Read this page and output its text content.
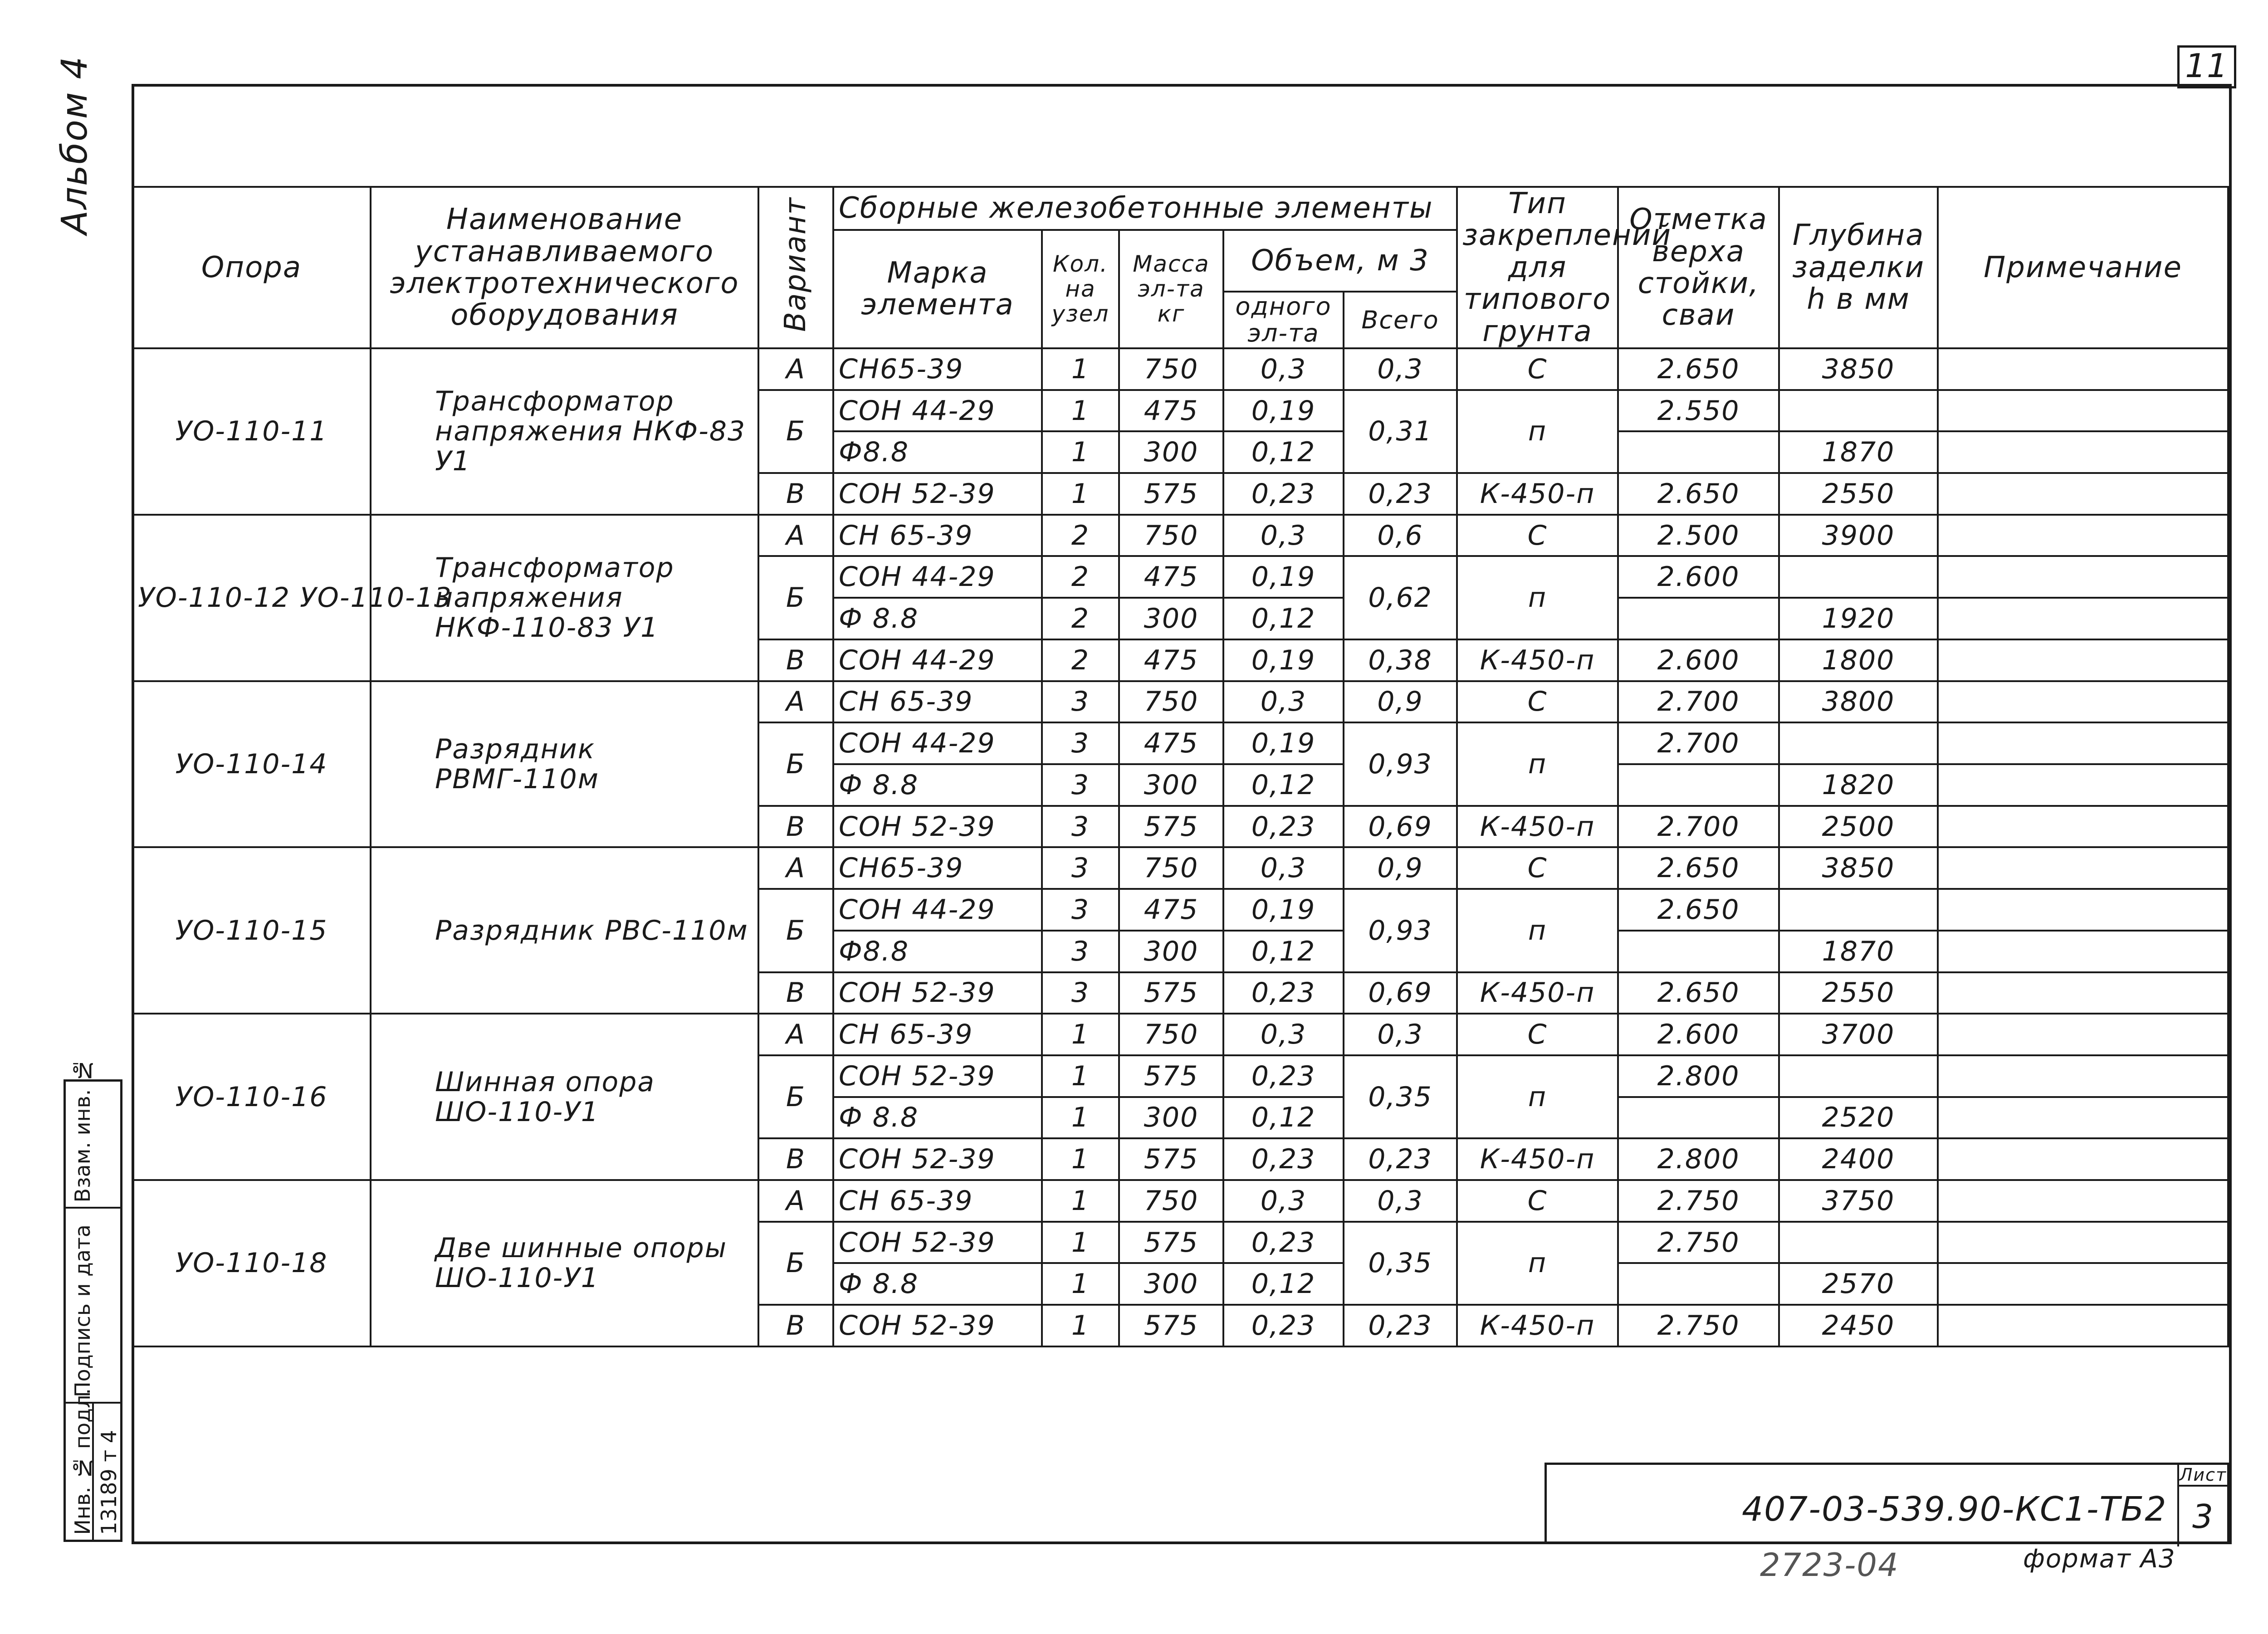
11
Альбом 4
Опора	Наименование устанавливаемого электротехнического оборудования	Вариант	Сборные железобетонные элементы					Тип закреплений для типового грунта	Отметка верха стойки, сваи	Глубина заделки h в мм	Примечание
			Марка элемента	Кол. на узел	Масса эл-та кг	Объем, м 3					
						одного эл-та	Всего				
УО-110-11	Трансформатор напряжения НКФ-83 У1	А	СН65-39	1	750	0,3	0,3	С	2.650	3850	
		Б	СОН 44-29	1	475	0,19	0,31	п	2.550		
			Ф8.8	1	300	0,12				1870	
		В	СОН 52-39	1	575	0,23	0,23	К-450-п	2.650	2550	
УО-110-12 УО-110-13	Трансформатор напряжения НКФ-110-83 У1	А	СН 65-39	2	750	0,3	0,6	С	2.500	3900	
		Б	СОН 44-29	2	475	0,19	0,62	п	2.600		
			Ф 8.8	2	300	0,12				1920	
		В	СОН 44-29	2	475	0,19	0,38	К-450-п	2.600	1800	
УО-110-14	Разрядник РВМГ-110м	А	СН 65-39	3	750	0,3	0,9	С	2.700	3800	
		Б	СОН 44-29	3	475	0,19	0,93	п	2.700		
			Ф 8.8	3	300	0,12				1820	
		В	СОН 52-39	3	575	0,23	0,69	К-450-п	2.700	2500	
УО-110-15	Разрядник РВС-110м	А	СН65-39	3	750	0,3	0,9	С	2.650	3850	
		Б	СОН 44-29	3	475	0,19	0,93	п	2.650		
			Ф8.8	3	300	0,12				1870	
		В	СОН 52-39	3	575	0,23	0,69	К-450-п	2.650	2550	
УО-110-16	Шинная опора ШО-110-У1	А	СН 65-39	1	750	0,3	0,3	С	2.600	3700	
		Б	СОН 52-39	1	575	0,23	0,35	п	2.800		
			Ф 8.8	1	300	0,12				2520	
		В	СОН 52-39	1	575	0,23	0,23	К-450-п	2.800	2400	
УО-110-18	Две шинные опоры ШО-110-У1	А	СН 65-39	1	750	0,3	0,3	С	2.750	3750	
		Б	СОН 52-39	1	575	0,23	0,35	п	2.750		
			Ф 8.8	1	300	0,12				2570	
		В	СОН 52-39	1	575	0,23	0,23	К-450-п	2.750	2450	
Взам. инв. №
Подпись и дата
Инв. № подл. 13189 т 4	407-03-539.90-КС1-ТБ2
Лист
3
2723-04	формат А3
